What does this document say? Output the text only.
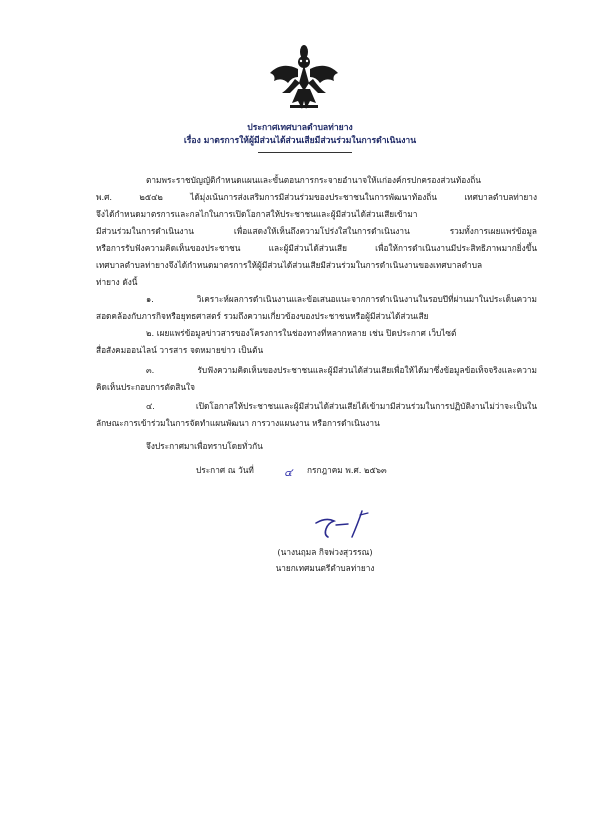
ประกาศเทศบาลตำบลท่ายาง
เรื่อง มาตรการให้ผู้มีส่วนได้ส่วนเสียมีส่วนร่วมในการดำเนินงาน
ตามพระราชบัญญัติกำหนดแผนและขั้นตอนการกระจายอำนาจให้แก่องค์กรปกครองส่วนท้องถิ่น
พ.ศ. ๒๕๔๒ ได้มุ่งเน้นการส่งเสริมการมีส่วนร่วมของประชาชนในการพัฒนาท้องถิ่น เทศบาลตำบลท่ายาง
จึงได้กำหนดมาตรการและกลไกในการเปิดโอกาสให้ประชาชนและผู้มีส่วนได้ส่วนเสียเข้ามา
มีส่วนร่วมในการดำเนินงาน เพื่อแสดงให้เห็นถึงความโปร่งใสในการดำเนินงาน รวมทั้งการเผยแพร่ข้อมูล
หรือการรับฟังความคิดเห็นของประชาชน และผู้มีส่วนได้ส่วนเสีย เพื่อให้การดำเนินงานมีประสิทธิภาพมากยิ่งขึ้น
เทศบาลตำบลท่ายางจึงได้กำหนดมาตรการให้ผู้มีส่วนได้ส่วนเสียมีส่วนร่วมในการดำเนินงานของเทศบาลตำบล
ท่ายาง ดังนี้
๑. วิเคราะห์ผลการดำเนินงานและข้อเสนอแนะจากการดำเนินงานในรอบปีที่ผ่านมาในประเด็นความ
สอดคล้องกับภารกิจหรือยุทธศาสตร์ รวมถึงความเกี่ยวข้องของประชาชนหรือผู้มีส่วนได้ส่วนเสีย
๒. เผยแพร่ข้อมูลข่าวสารของโครงการในช่องทางที่หลากหลาย เช่น ปิดประกาศ เว็บไซต์
สื่อสังคมออนไลน์ วารสาร จดหมายข่าว เป็นต้น
๓. รับฟังความคิดเห็นของประชาชนและผู้มีส่วนได้ส่วนเสียเพื่อให้ได้มาซึ่งข้อมูลข้อเท็จจริงและความ
คิดเห็นประกอบการตัดสินใจ
๔. เปิดโอกาสให้ประชาชนและผู้มีส่วนได้ส่วนเสียได้เข้ามามีส่วนร่วมในการปฏิบัติงานไม่ว่าจะเป็นใน
ลักษณะการเข้าร่วมในการจัดทำแผนพัฒนา การวางแผนงาน หรือการดำเนินงาน
จึงประกาศมาเพื่อทราบโดยทั่วกัน
ประกาศ ณ วันที่	๔ กรกฎาคม พ.ศ. ๒๕๖๓
(นางนฤมล กิจพ่วงสุวรรณ)
นายกเทศมนตรีตำบลท่ายาง
